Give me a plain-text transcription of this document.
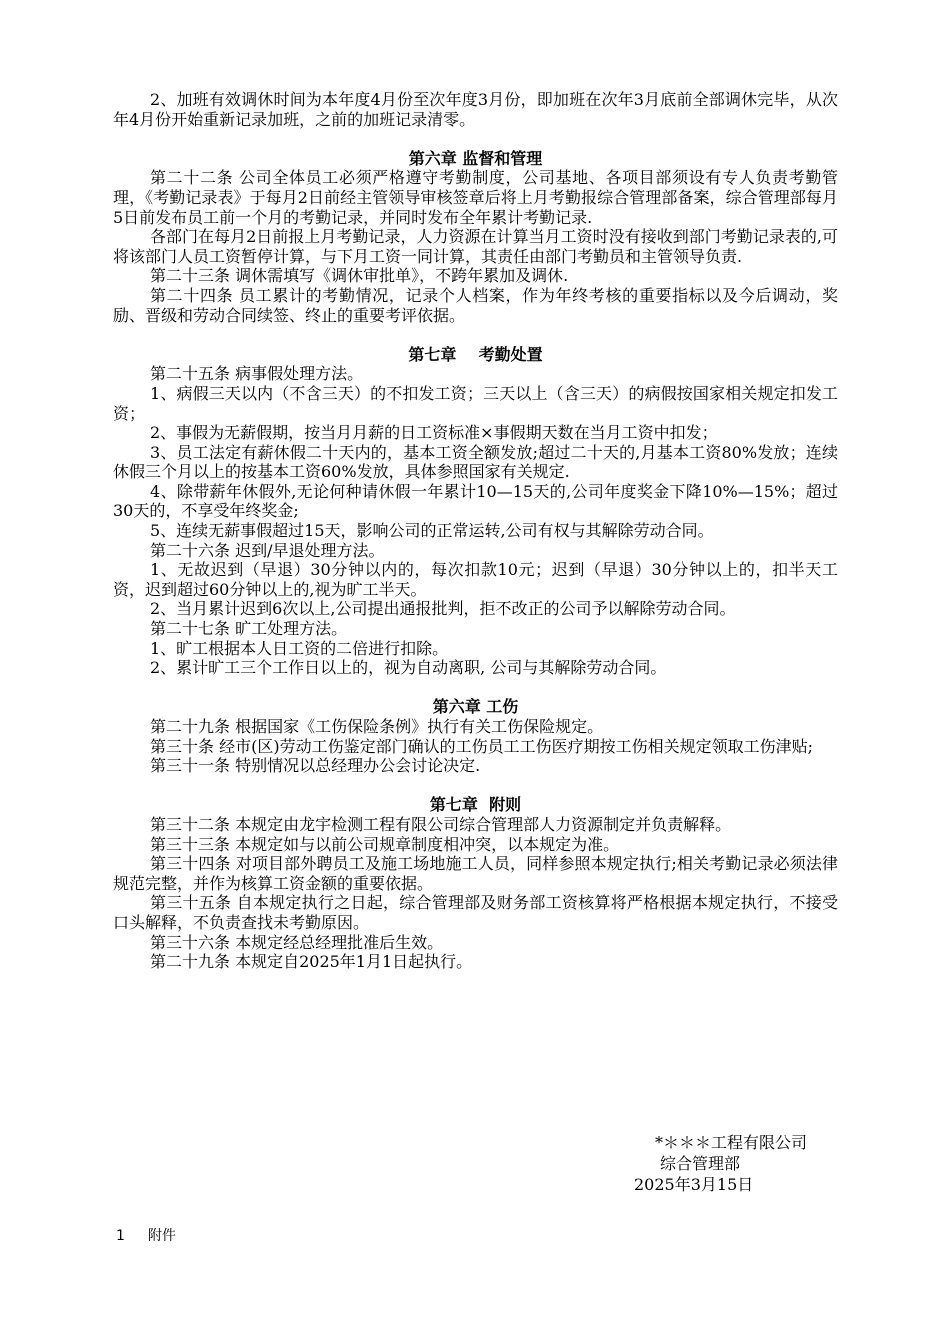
2、加班有效调休时间为本年度4月份至次年度3月份，即加班在次年3月底前全部调休完毕，从次年4月份开始重新记录加班，之前的加班记录清零。

第六章 监督和管理

第二十二条 公司全体员工必须严格遵守考勤制度，公司基地、各项目部须设有专人负责考勤管理，《考勤记录表》于每月2日前经主管领导审核签章后将上月考勤报综合管理部备案，综合管理部每月5日前发布员工前一个月的考勤记录，并同时发布全年累计考勤记录.

各部门在每月2日前报上月考勤记录，人力资源在计算当月工资时没有接收到部门考勤记录表的,可将该部门人员工资暂停计算，与下月工资一同计算，其责任由部门考勤员和主管领导负责.

第二十三条 调休需填写《调休审批单》，不跨年累加及调休.

第二十四条 员工累计的考勤情况，记录个人档案，作为年终考核的重要指标以及今后调动，奖励、晋级和劳动合同续签、终止的重要考评依据。

第七章    考勤处置

第二十五条 病事假处理方法。

1、病假三天以内（不含三天）的不扣发工资；三天以上（含三天）的病假按国家相关规定扣发工资；

2、事假为无薪假期，按当月月薪的日工资标准×事假期天数在当月工资中扣发；

3、员工法定有薪休假二十天内的，基本工资全额发放;超过二十天的,月基本工资80%发放；连续休假三个月以上的按基本工资60%发放，具体参照国家有关规定.

4、除带薪年休假外,无论何种请休假一年累计10—15天的,公司年度奖金下降10%—15%；超过30天的，不享受年终奖金;

5、连续无薪事假超过15天，影响公司的正常运转,公司有权与其解除劳动合同。

第二十六条 迟到/早退处理方法。

1、无故迟到（早退）30分钟以内的，每次扣款10元；迟到（早退）30分钟以上的，扣半天工资，迟到超过60分钟以上的,视为旷工半天。

2、当月累计迟到6次以上,公司提出通报批判，拒不改正的公司予以解除劳动合同。

第二十七条 旷工处理方法。

1、旷工根据本人日工资的二倍进行扣除。

2、累计旷工三个工作日以上的，视为自动离职, 公司与其解除劳动合同。

第六章 工伤

第二十九条 根据国家《工伤保险条例》执行有关工伤保险规定。

第三十条 经市(区)劳动工伤鉴定部门确认的工伤员工工伤医疗期按工伤相关规定领取工伤津贴;

第三十一条 特别情况以总经理办公会讨论决定.

第七章  附则

第三十二条 本规定由龙宇检测工程有限公司综合管理部人力资源制定并负责解释。

第三十三条 本规定如与以前公司规章制度相冲突，以本规定为准。

第三十四条 对项目部外聘员工及施工场地施工人员，同样参照本规定执行;相关考勤记录必须法律规范完整，并作为核算工资金额的重要依据。

第三十五条 自本规定执行之日起，综合管理部及财务部工资核算将严格根据本规定执行，不接受口头解释，不负责查找未考勤原因。

第三十六条 本规定经总经理批准后生效。

第二十九条 本规定自2025年1月1日起执行。

*＊＊＊工程有限公司
综合管理部
2025年3月15日
1 附件
